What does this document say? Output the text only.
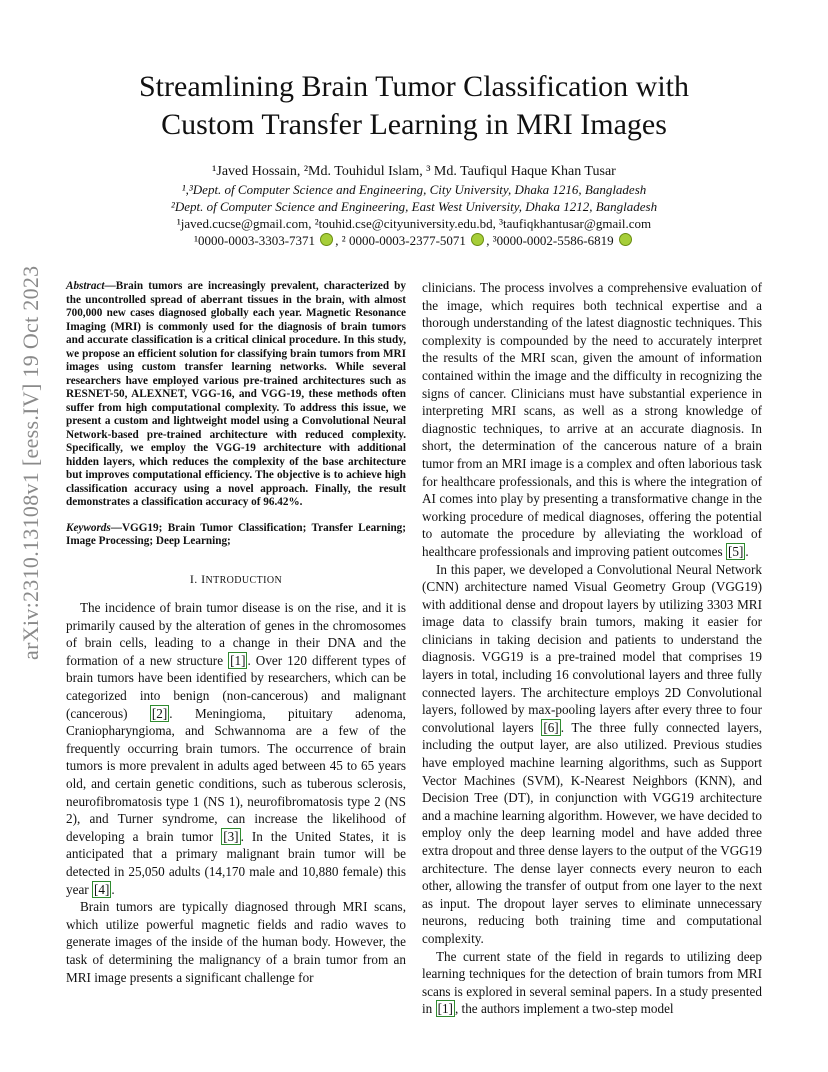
arXiv:2310.13108v1 [eess.IV] 19 Oct 2023
Streamlining Brain Tumor Classification with
Custom Transfer Learning in MRI Images
¹Javed Hossain, ²Md. Touhidul Islam, ³ Md. Taufiqul Haque Khan Tusar
¹,³Dept. of Computer Science and Engineering, City University, Dhaka 1216, Bangladesh
²Dept. of Computer Science and Engineering, East West University, Dhaka 1212, Bangladesh
¹javed.cucse@gmail.com, ²touhid.cse@cityuniversity.edu.bd, ³taufiqkhantusar@gmail.com
¹0000-0003-3303-7371 , ² 0000-0003-2377-5071 , ³0000-0002-5586-6819
Abstract—Brain tumors are increasingly prevalent, characterized by the uncontrolled spread of aberrant tissues in the brain, with almost 700,000 new cases diagnosed globally each year. Magnetic Resonance Imaging (MRI) is commonly used for the diagnosis of brain tumors and accurate classification is a critical clinical procedure. In this study, we propose an efficient solution for classifying brain tumors from MRI images using custom transfer learning networks. While several researchers have employed various pre-trained architectures such as RESNET-50, ALEXNET, VGG-16, and VGG-19, these methods often suffer from high computational complexity. To address this issue, we present a custom and lightweight model using a Convolutional Neural Network-based pre-trained architecture with reduced complexity. Specifically, we employ the VGG-19 architecture with additional hidden layers, which reduces the complexity of the base architecture but improves computational efficiency. The objective is to achieve high classification accuracy using a novel approach. Finally, the result demonstrates a classification accuracy of 96.42%.
Keywords—VGG19; Brain Tumor Classification; Transfer Learning; Image Processing; Deep Learning;
I. INTRODUCTION

The incidence of brain tumor disease is on the rise, and it is primarily caused by the alteration of genes in the chromosomes of brain cells, leading to a change in their DNA and the formation of a new structure [1] . Over 120 different types of brain tumors have been identified by researchers, which can be categorized into benign (non-cancerous) and malignant (cancerous) [2] . Meningioma, pituitary adenoma, Craniopharyngioma, and Schwannoma are a few of the frequently occurring brain tumors. The occurrence of brain tumors is more prevalent in adults aged between 45 to 65 years old, and certain genetic conditions, such as tuberous sclerosis, neurofibromatosis type 1 (NS 1), neurofibromatosis type 2 (NS 2), and Turner syndrome, can increase the likelihood of developing a brain tumor [3] . In the United States, it is anticipated that a primary malignant brain tumor will be detected in 25,050 adults (14,170 male and 10,880 female) this year [4] .

Brain tumors are typically diagnosed through MRI scans, which utilize powerful magnetic fields and radio waves to generate images of the inside of the human body. However, the task of determining the malignancy of a brain tumor from an MRI image presents a significant challenge for

clinicians. The process involves a comprehensive evaluation of the image, which requires both technical expertise and a thorough understanding of the latest diagnostic techniques. This complexity is compounded by the need to accurately interpret the results of the MRI scan, given the amount of information contained within the image and the difficulty in recognizing the signs of cancer. Clinicians must have substantial experience in interpreting MRI scans, as well as a strong knowledge of diagnostic techniques, to arrive at an accurate diagnosis. In short, the determination of the cancerous nature of a brain tumor from an MRI image is a complex and often laborious task for healthcare professionals, and this is where the integration of AI comes into play by presenting a transformative change in the working procedure of medical diagnoses, offering the potential to automate the procedure by alleviating the workload of healthcare professionals and improving patient outcomes [5] .

In this paper, we developed a Convolutional Neural Network (CNN) architecture named Visual Geometry Group (VGG19) with additional dense and dropout layers by utilizing 3303 MRI image data to classify brain tumors, making it easier for clinicians in taking decision and patients to understand the diagnosis. VGG19 is a pre-trained model that comprises 19 layers in total, including 16 convolutional layers and three fully connected layers. The architecture employs 2D Convolutional layers, followed by max-pooling layers after every three to four convolutional layers [6] . The three fully connected layers, including the output layer, are also utilized. Previous studies have employed machine learning algorithms, such as Support Vector Machines (SVM), K-Nearest Neighbors (KNN), and Decision Tree (DT), in conjunction with VGG19 architecture and a machine learning algorithm. However, we have decided to employ only the deep learning model and have added three extra dropout and three dense layers to the output of the VGG19 architecture. The dense layer connects every neuron to each other, allowing the transfer of output from one layer to the next as input. The dropout layer serves to eliminate unnecessary neurons, reducing both training time and computational complexity.

The current state of the field in regards to utilizing deep learning techniques for the detection of brain tumors from MRI scans is explored in several seminal papers. In a study presented in [1] , the authors implement a two-step model
